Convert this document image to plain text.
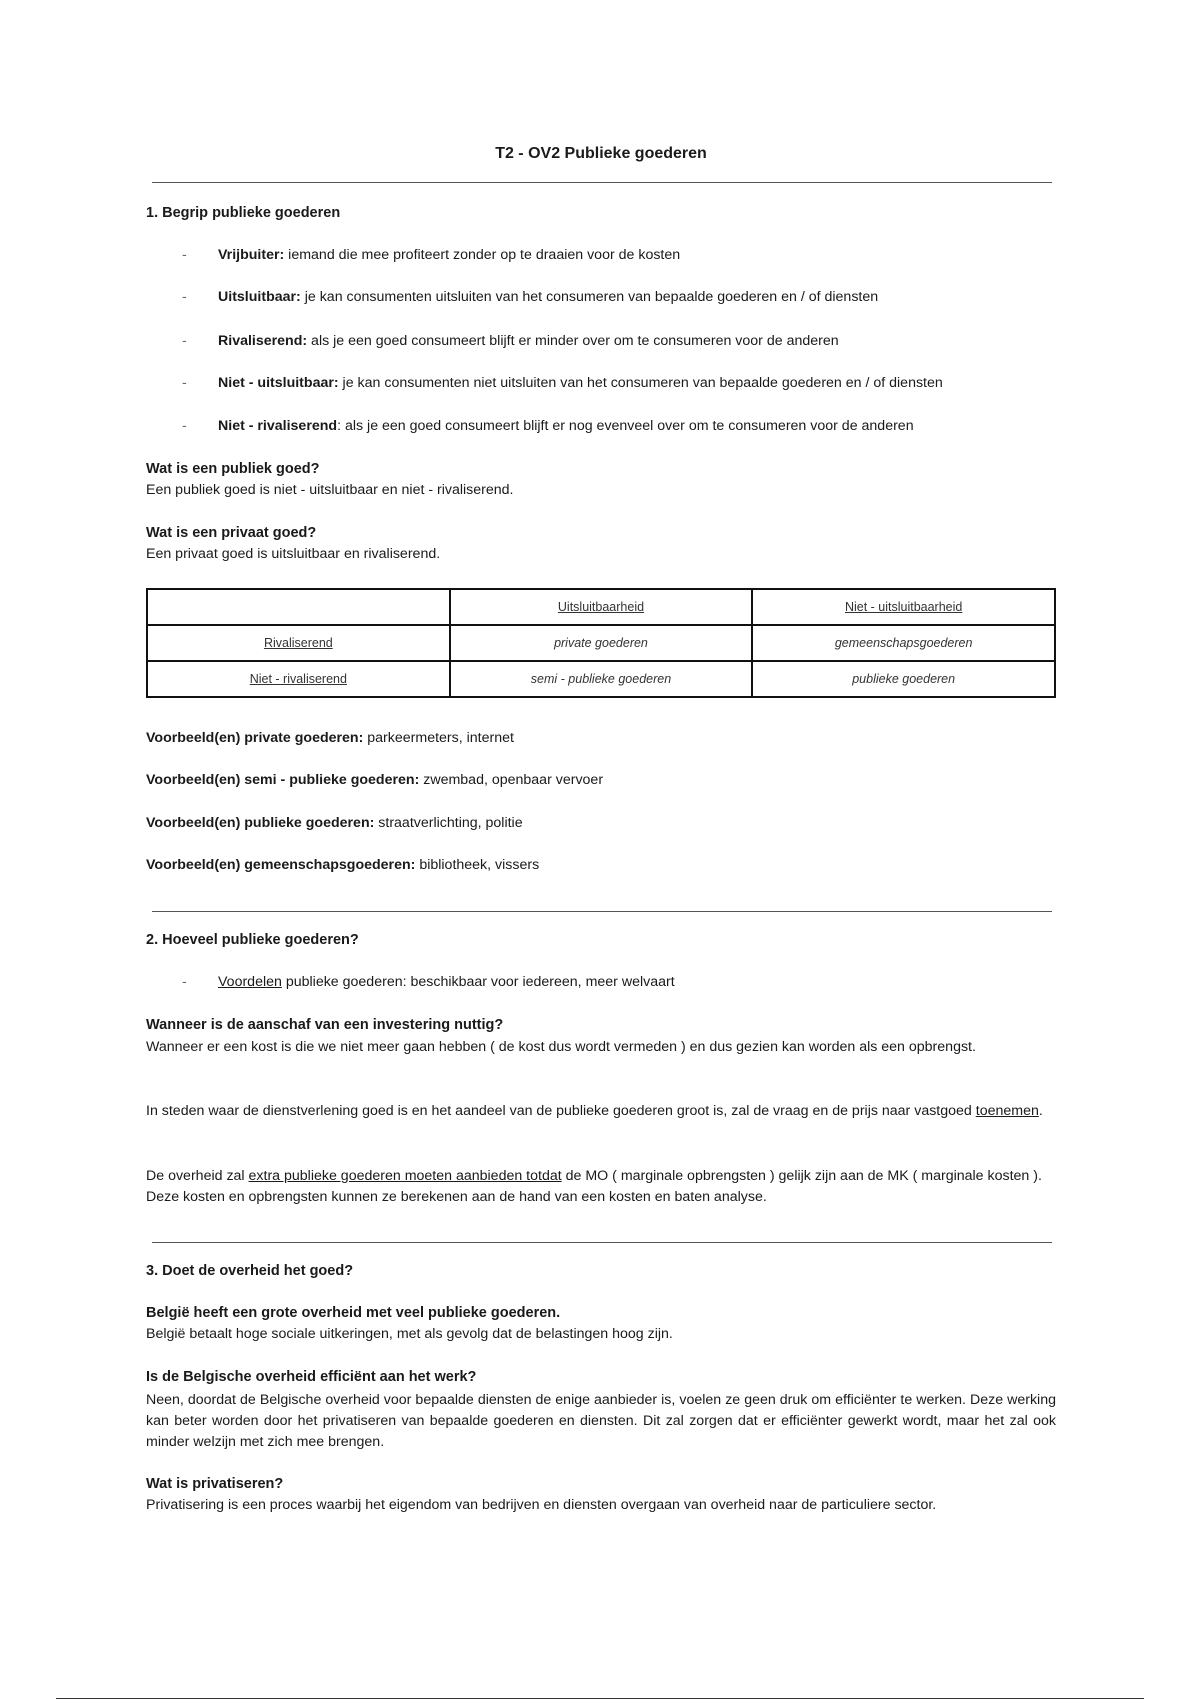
T2 - OV2 Publieke goederen
1. Begrip publieke goederen
- Vrijbuiter: iemand die mee profiteert zonder op te draaien voor de kosten
- Uitsluitbaar: je kan consumenten uitsluiten van het consumeren van bepaalde goederen en / of diensten
- Rivaliserend: als je een goed consumeert blijft er minder over om te consumeren voor de anderen
- Niet - uitsluitbaar: je kan consumenten niet uitsluiten van het consumeren van bepaalde goederen en / of diensten
- Niet - rivaliserend: als je een goed consumeert blijft er nog evenveel over om te consumeren voor de anderen
Wat is een publiek goed?
Een publiek goed is niet - uitsluitbaar en niet - rivaliserend.
Wat is een privaat goed?
Een privaat goed is uitsluitbaar en rivaliserend.
	Uitsluitbaarheid	Niet - uitsluitbaarheid
Rivaliserend	private goederen	gemeenschapsgoederen
Niet - rivaliserend	semi - publieke goederen	publieke goederen
Voorbeeld(en) private goederen: parkeermeters, internet
Voorbeeld(en) semi - publieke goederen: zwembad, openbaar vervoer
Voorbeeld(en) publieke goederen: straatverlichting, politie
Voorbeeld(en) gemeenschapsgoederen: bibliotheek, vissers
2. Hoeveel publieke goederen?
- Voordelen publieke goederen: beschikbaar voor iedereen, meer welvaart
Wanneer is de aanschaf van een investering nuttig?
Wanneer er een kost is die we niet meer gaan hebben ( de kost dus wordt vermeden ) en dus gezien kan worden als een opbrengst.
In steden waar de dienstverlening goed is en het aandeel van de publieke goederen groot is, zal de vraag en de prijs naar vastgoed toenemen.
De overheid zal extra publieke goederen moeten aanbieden totdat de MO ( marginale opbrengsten ) gelijk zijn aan de MK ( marginale kosten ). Deze kosten en opbrengsten kunnen ze berekenen aan de hand van een kosten en baten analyse.
3. Doet de overheid het goed?
België heeft een grote overheid met veel publieke goederen.
België betaalt hoge sociale uitkeringen, met als gevolg dat de belastingen hoog zijn.
Is de Belgische overheid efficiënt aan het werk?
Neen, doordat de Belgische overheid voor bepaalde diensten de enige aanbieder is, voelen ze geen druk om efficiënter te werken. Deze werking kan beter worden door het privatiseren van bepaalde goederen en diensten. Dit zal zorgen dat er efficiënter gewerkt wordt, maar het zal ook minder welzijn met zich mee brengen.
Wat is privatiseren?
Privatisering is een proces waarbij het eigendom van bedrijven en diensten overgaan van overheid naar de particuliere sector.
